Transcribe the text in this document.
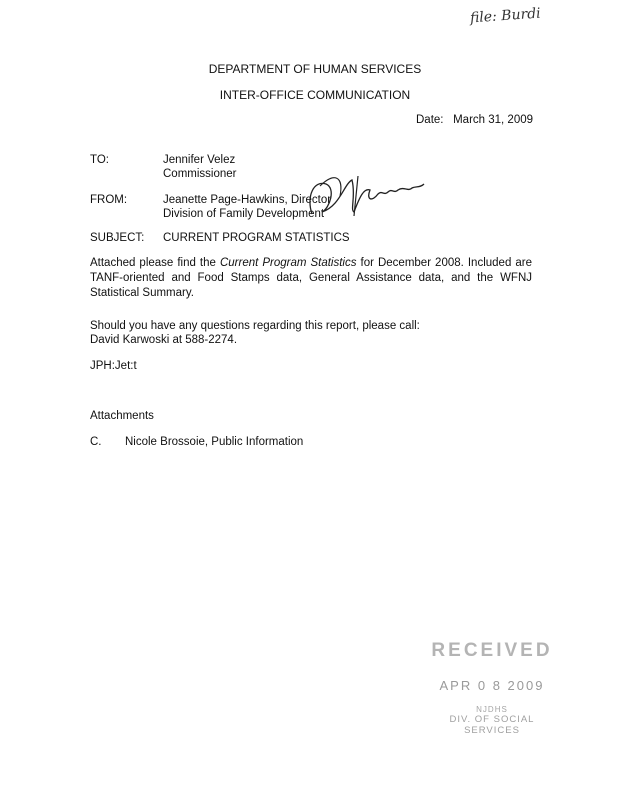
file: Burdi
DEPARTMENT OF HUMAN SERVICES
INTER-OFFICE COMMUNICATION
Date: March 31, 2009
TO:	Jennifer Velez
Commissioner
FROM:	Jeanette Page-Hawkins, Director
Division of Family Development
SUBJECT: CURRENT PROGRAM STATISTICS
Attached please find the Current Program Statistics for December 2008. Included are TANF-oriented and Food Stamps data, General Assistance data, and the WFNJ Statistical Summary.
Should you have any questions regarding this report, please call:
David Karwoski at 588-2274.
JPH:Jet:t
Attachments
C. Nicole Brossoie, Public Information
RECEIVED
APR 0 8 2009
NJDHS
DIV. OF SOCIAL SERVICES
